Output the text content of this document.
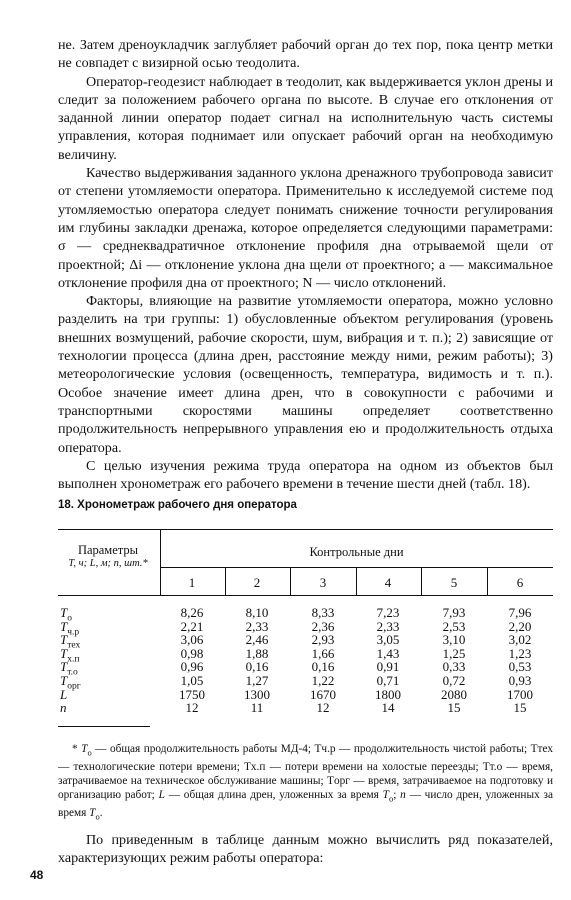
не. Затем дреноукладчик заглубляет рабочий орган до тех пор, пока центр метки не совпадет с визирной осью теодолита.

Оператор-геодезист наблюдает в теодолит, как выдерживается уклон дрены и следит за положением рабочего органа по высоте. В случае его отклонения от заданной линии оператор подает сигнал на исполнительную часть системы управления, которая поднимает или опускает рабочий орган на необходимую величину.

Качество выдерживания заданного уклона дренажного трубопровода зависит от степени утомляемости оператора. Применительно к исследуемой системе под утомляемостью оператора следует понимать снижение точности регулирования им глубины закладки дренажа, которое определяется следующими параметрами: σ — среднеквадратичное отклонение профиля дна отрываемой щели от проектной; Δi — отклонение уклона дна щели от проектного; a — максимальное отклонение профиля дна от проектного; N — число отклонений.

Факторы, влияющие на развитие утомляемости оператора, можно условно разделить на три группы: 1) обусловленные объектом регулирования (уровень внешних возмущений, рабочие скорости, шум, вибрация и т. п.); 2) зависящие от технологии процесса (длина дрен, расстояние между ними, режим работы); 3) метеорологические условия (освещенность, температура, видимость и т. п.). Особое значение имеет длина дрен, что в совокупности с рабочими и транспортными скоростями машины определяет соответственно продолжительность непрерывного управления ею и продолжительность отдыха оператора.

С целью изучения режима труда оператора на одном из объектов был выполнен хронометраж его рабочего времени в течение шести дней (табл. 18).

18. Хронометраж рабочего дня оператора
Параметры
T, ч; L, м; n, шт.*
Контрольные дни
1	2	3	4	5	6
$T_o$	8,26	8,10	8,33	7,23	7,93	7,96
$T_{ч.р}$	2,21	2,33	2,36	2,33	2,53	2,20
$T_{тех}$	3,06	2,46	2,93	3,05	3,10	3,02
$T_{х.п}$	0,98	1,88	1,66	1,43	1,25	1,23
$T_{т.о}$	0,96	0,16	0,16	0,91	0,33	0,53
$T_{орг}$	1,05	1,27	1,22	0,71	0,72	0,93
L	1750	1300	1670	1800	2080	1700
n	12	11	12	14	15	15

* $T_o$ — общая продолжительность работы МД-4; Tч.р — продолжительность чистой работы; Tтех — технологические потери времени; Tх.п — потери времени на холостые переезды; Tт.о — время, затрачиваемое на техническое обслуживание машины; Tорг — время, затрачиваемое на подготовку и организацию работ; L — общая длина дрен, уложенных за время $T_o$; n — число дрен, уложенных за время $T_o$.

По приведенным в таблице данным можно вычислить ряд показателей, характеризующих режим работы оператора:

48
